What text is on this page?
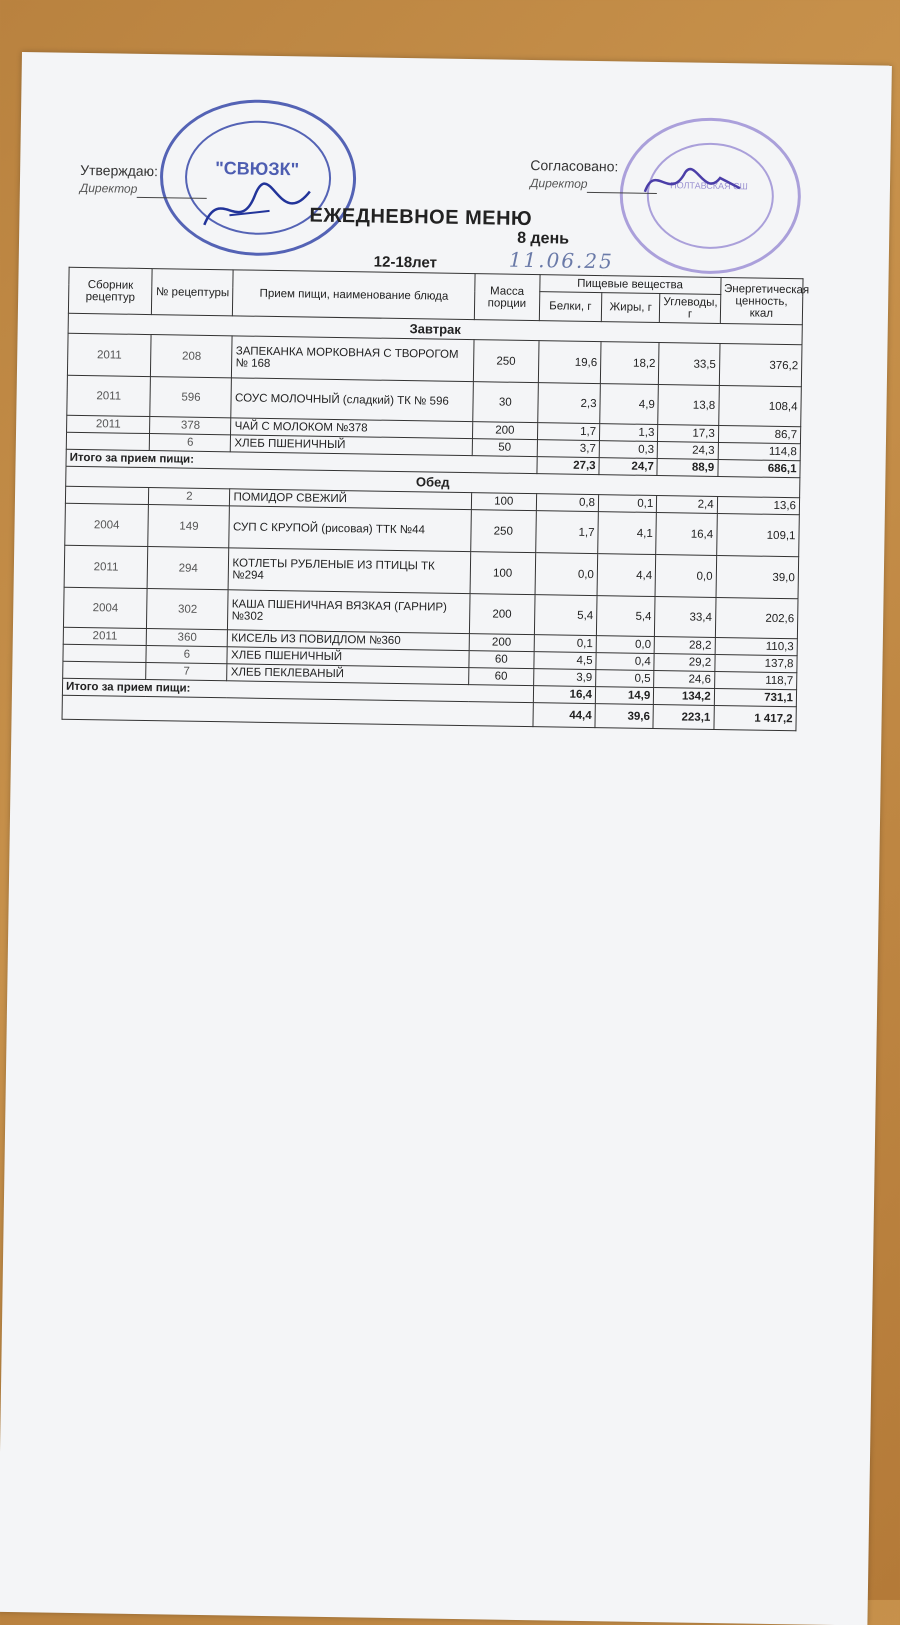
"СВЮЗК"
ПОЛТАВСКАЯ СШ
Утверждаю:
Директор
Согласовано:
Директор
ЕЖЕДНЕВНОЕ МЕНЮ
8 день
12-18лет	11.06.25
Сборник рецептур	№ рецептуры	Прием пищи, наименование блюда	Масса порции	Пищевые вещества			Энергетическая ценность, ккал
				Белки, г	Жиры, г	Углеводы, г	
Завтрак							
2011	208	ЗАПЕКАНКА МОРКОВНАЯ С ТВОРОГОМ № 168	250	19,6	18,2	33,5	376,2
2011	596	СОУС МОЛОЧНЫЙ (сладкий) ТК № 596	30	2,3	4,9	13,8	108,4
2011	378	ЧАЙ С МОЛОКОМ №378	200	1,7	1,3	17,3	86,7
	6	ХЛЕБ ПШЕНИЧНЫЙ	50	3,7	0,3	24,3	114,8
Итого за прием пищи:				27,3	24,7	88,9	686,1
Обед							
	2	ПОМИДОР СВЕЖИЙ	100	0,8	0,1	2,4	13,6
2004	149	СУП С КРУПОЙ (рисовая) ТТК №44	250	1,7	4,1	16,4	109,1
2011	294	КОТЛЕТЫ РУБЛЕНЫЕ ИЗ ПТИЦЫ ТК №294	100	0,0	4,4	0,0	39,0
2004	302	КАША ПШЕНИЧНАЯ ВЯЗКАЯ (ГАРНИР) №302	200	5,4	5,4	33,4	202,6
2011	360	КИСЕЛЬ ИЗ ПОВИДЛОМ №360	200	0,1	0,0	28,2	110,3
	6	ХЛЕБ ПШЕНИЧНЫЙ	60	4,5	0,4	29,2	137,8
	7	ХЛЕБ ПЕКЛЕВАНЫЙ	60	3,9	0,5	24,6	118,7
Итого за прием пищи:				16,4	14,9	134,2	731,1
				44,4	39,6	223,1	1 417,2
